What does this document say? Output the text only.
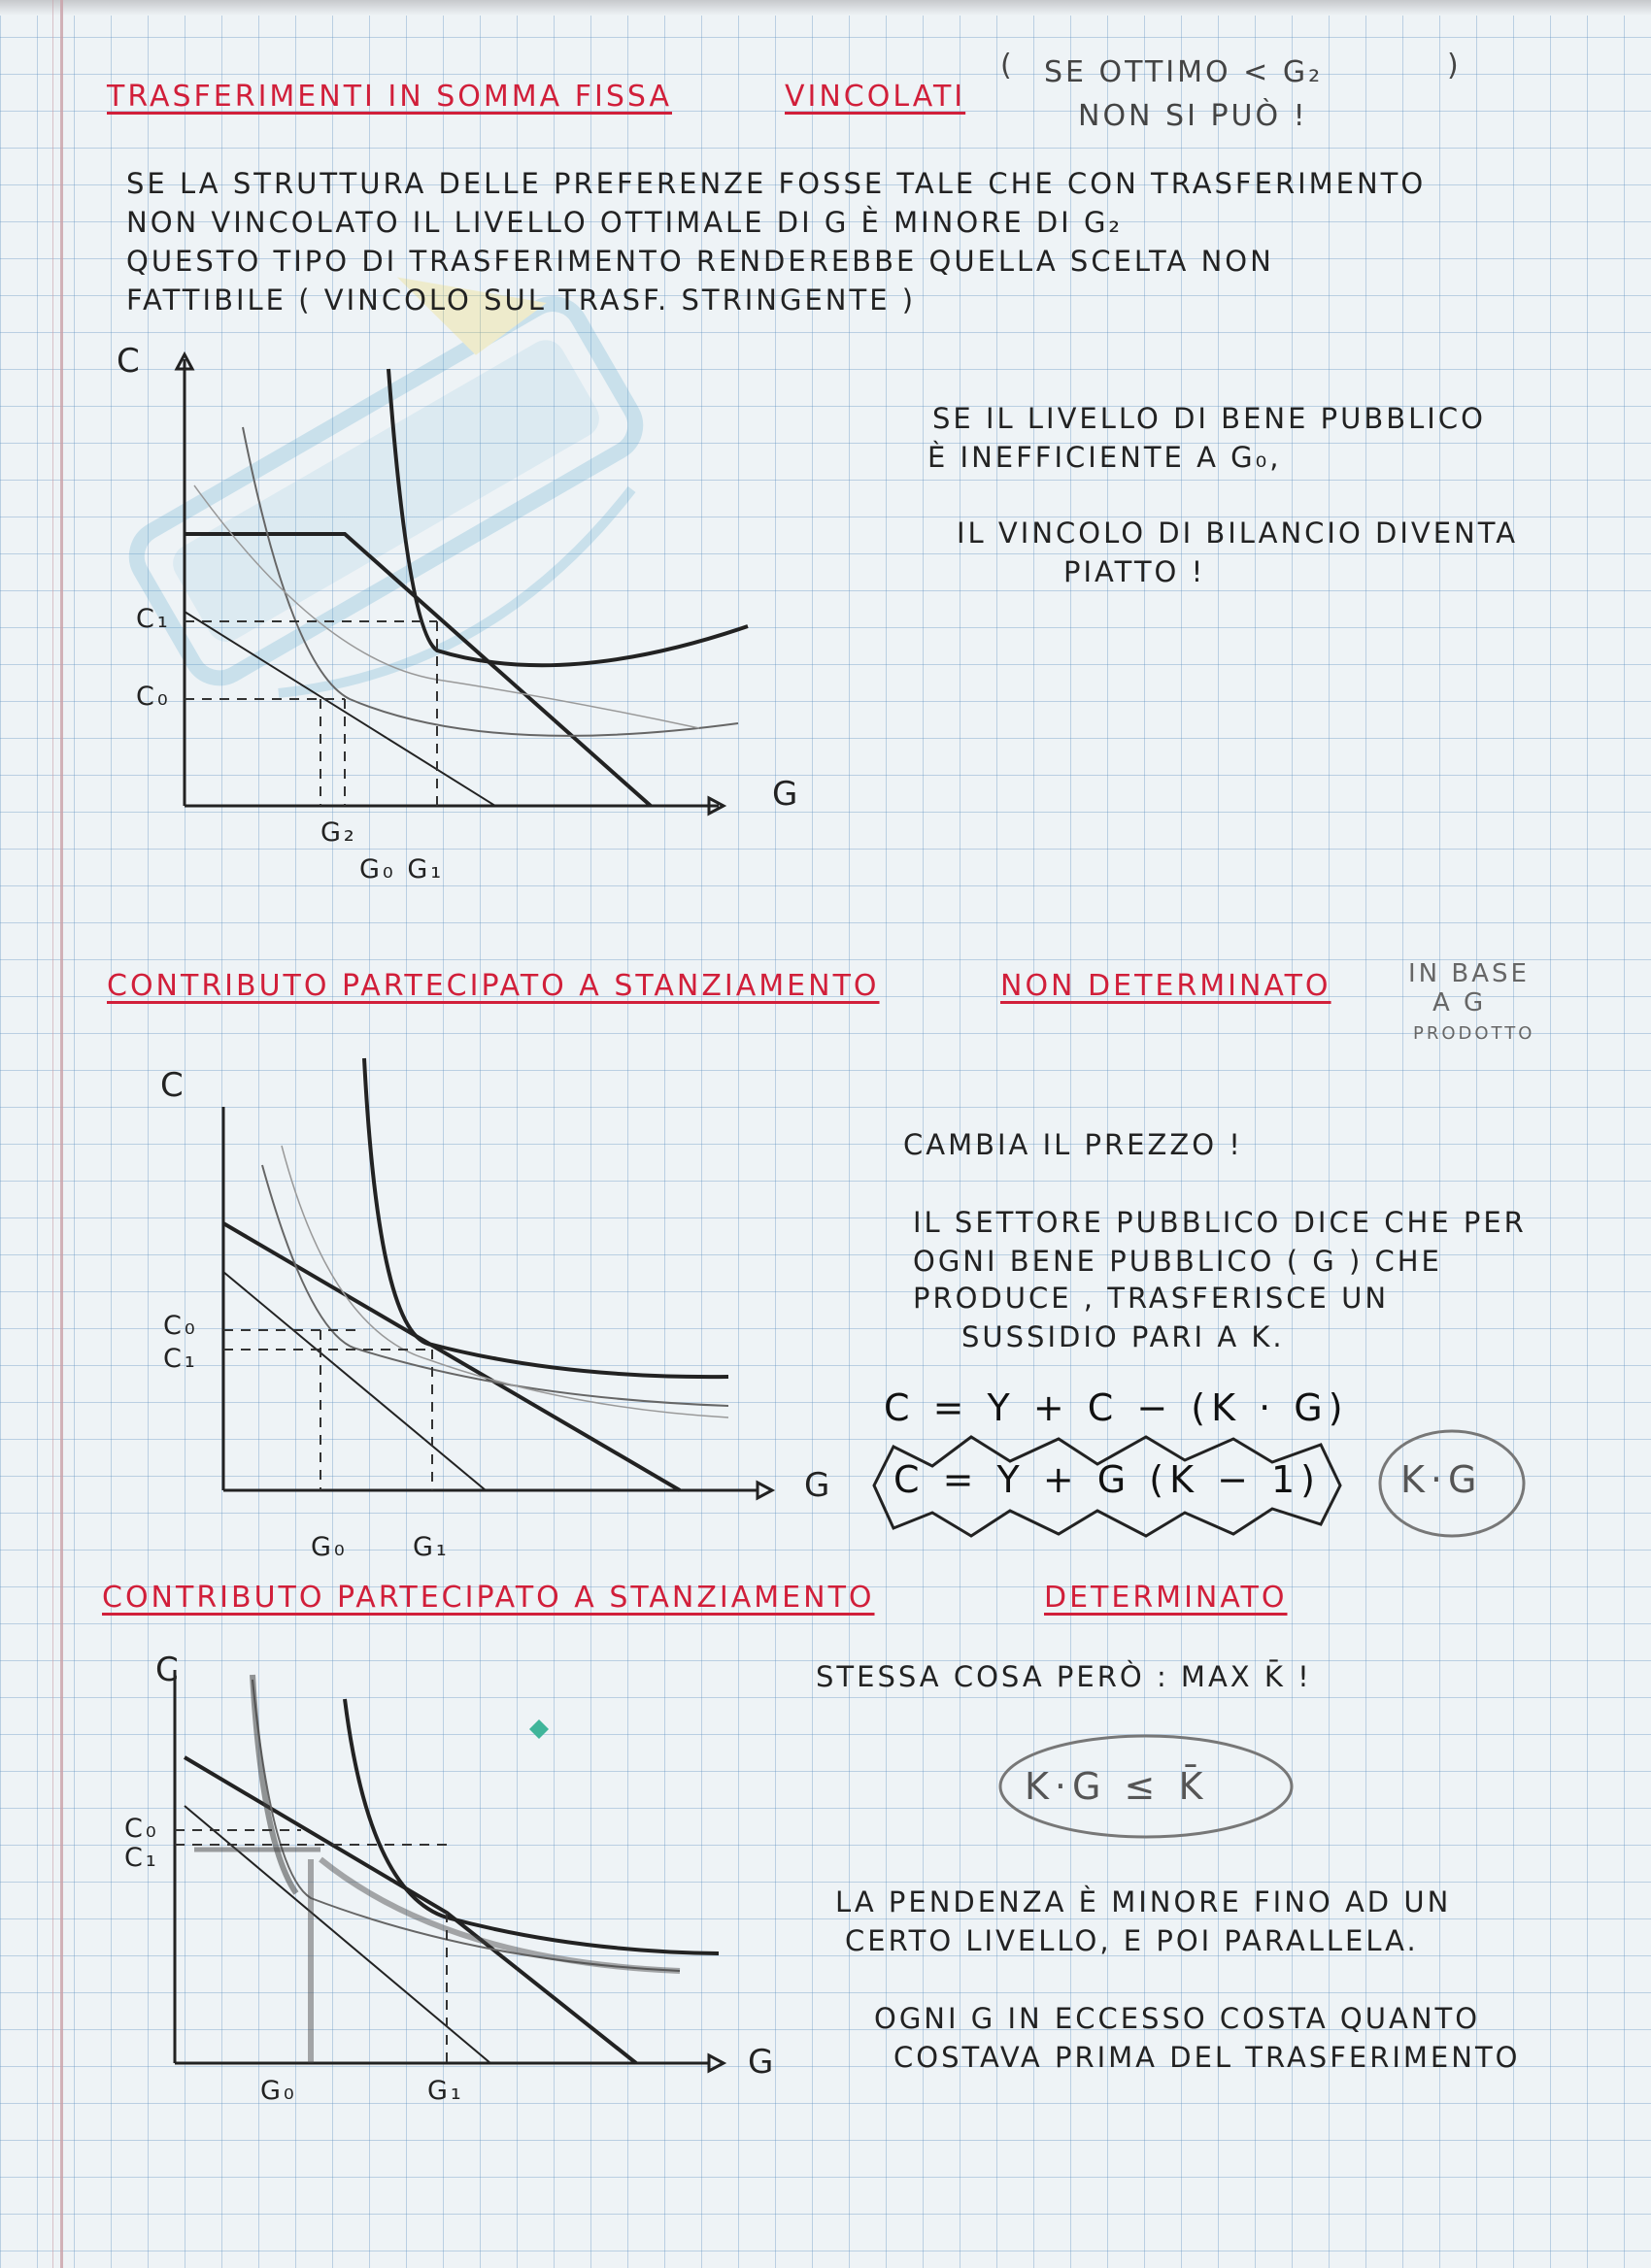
TRASFERIMENTI IN SOMMA FISSA	VINCOLATI
(	)
SE OTTIMO < G₂
NON SI PUÒ !
SE LA STRUTTURA DELLE PREFERENZE FOSSE TALE CHE CON TRASFERIMENTO
NON VINCOLATO IL LIVELLO OTTIMALE DI G È MINORE DI G₂
QUESTO TIPO DI TRASFERIMENTO RENDEREBBE QUELLA SCELTA NON
FATTIBILE ( VINCOLO SUL TRASF. STRINGENTE )
SE IL LIVELLO DI BENE PUBBLICO
È INEFFICIENTE A G₀,
IL VINCOLO DI BILANCIO DIVENTA
PIATTO !
C
G
C₁
C₀
G₂
G₀ G₁
CONTRIBUTO PARTECIPATO A STANZIAMENTO	NON DETERMINATO	IN BASE
A G
PRODOTTO
CAMBIA IL PREZZO !
IL SETTORE PUBBLICO DICE CHE PER
OGNI BENE PUBBLICO ( G ) CHE
PRODUCE , TRASFERISCE UN
SUSSIDIO PARI A K.
C = Y + C − (K · G)
C = Y + G (K − 1) K·G
C
G
C₀
C₁
G₀ G₁
CONTRIBUTO PARTECIPATO A STANZIAMENTO	DETERMINATO
STESSA COSA PERÒ : MAX K̄ !
K·G ≤ K̄
LA PENDENZA È MINORE FINO AD UN
CERTO LIVELLO, E POI PARALLELA.
OGNI G IN ECCESSO COSTA QUANTO
COSTAVA PRIMA DEL TRASFERIMENTO
C
G
C₀
C₁
G₀	G₁
